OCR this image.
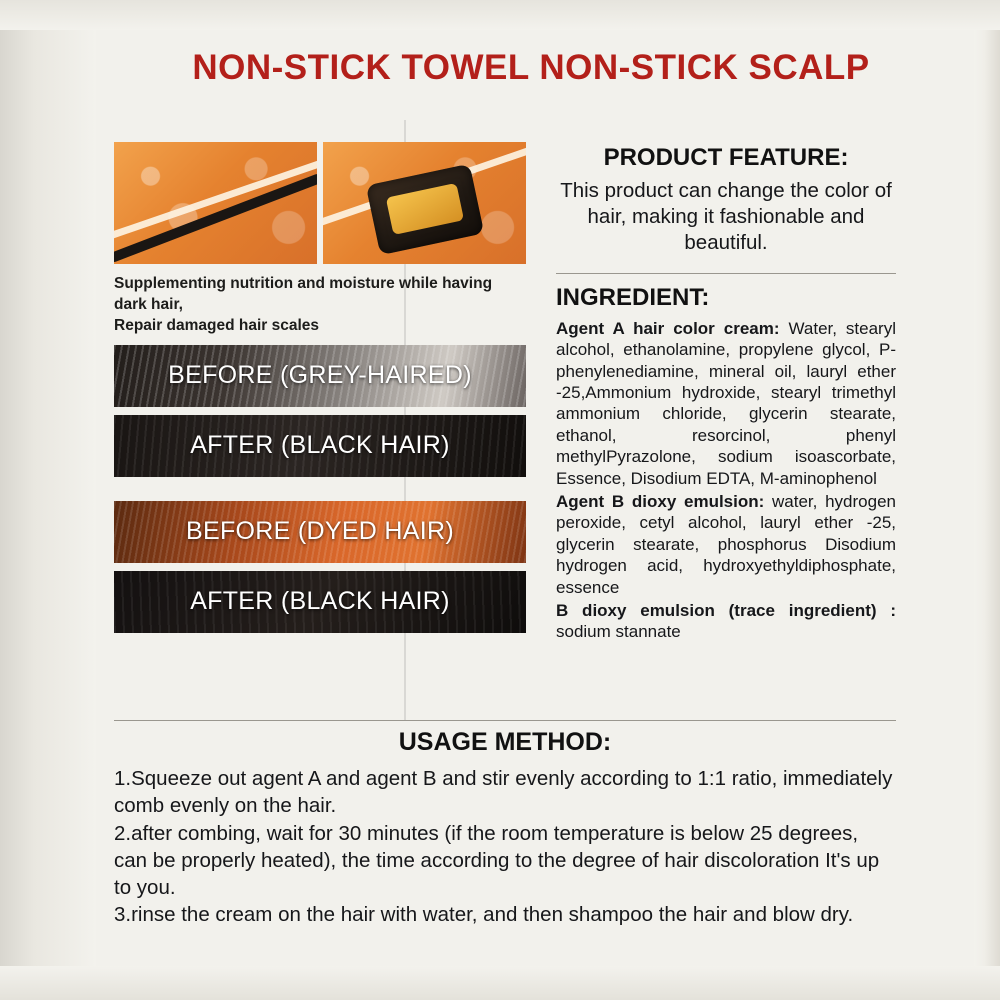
NON-STICK TOWEL NON-STICK SCALP
Supplementing nutrition and moisture while having dark hair,
Repair damaged hair scales
BEFORE (GREY-HAIRED)
AFTER (BLACK HAIR)
BEFORE (DYED HAIR)
AFTER (BLACK HAIR)
PRODUCT FEATURE:
This product can change the color of hair, making it fashionable and beautiful.
INGREDIENT:
Agent A hair color cream: Water, stearyl alcohol, ethanolamine, propylene glycol, P-phenylenediamine, mineral oil, lauryl ether -25,Ammonium hydroxide, stearyl trimethyl ammonium chloride, glycerin stearate, ethanol, resorcinol, phenyl methylPyrazolone, sodium isoascorbate, Essence, Disodium EDTA, M-aminophenol
Agent B dioxy emulsion: water, hydrogen peroxide, cetyl alcohol, lauryl ether -25, glycerin stearate, phosphorus Disodium hydrogen acid, hydroxyethyldiphosphate, essence
B dioxy emulsion (trace ingredient) : sodium stannate
USAGE METHOD:

1.Squeeze out agent A and agent B and stir evenly according to 1:1 ratio, immediately comb evenly on the hair.

2.after combing, wait for 30 minutes (if the room temperature is below 25 degrees, can be properly heated), the time according to the degree of hair discoloration It's up to you.

3.rinse the cream on the hair with water, and then shampoo the hair and blow dry.
